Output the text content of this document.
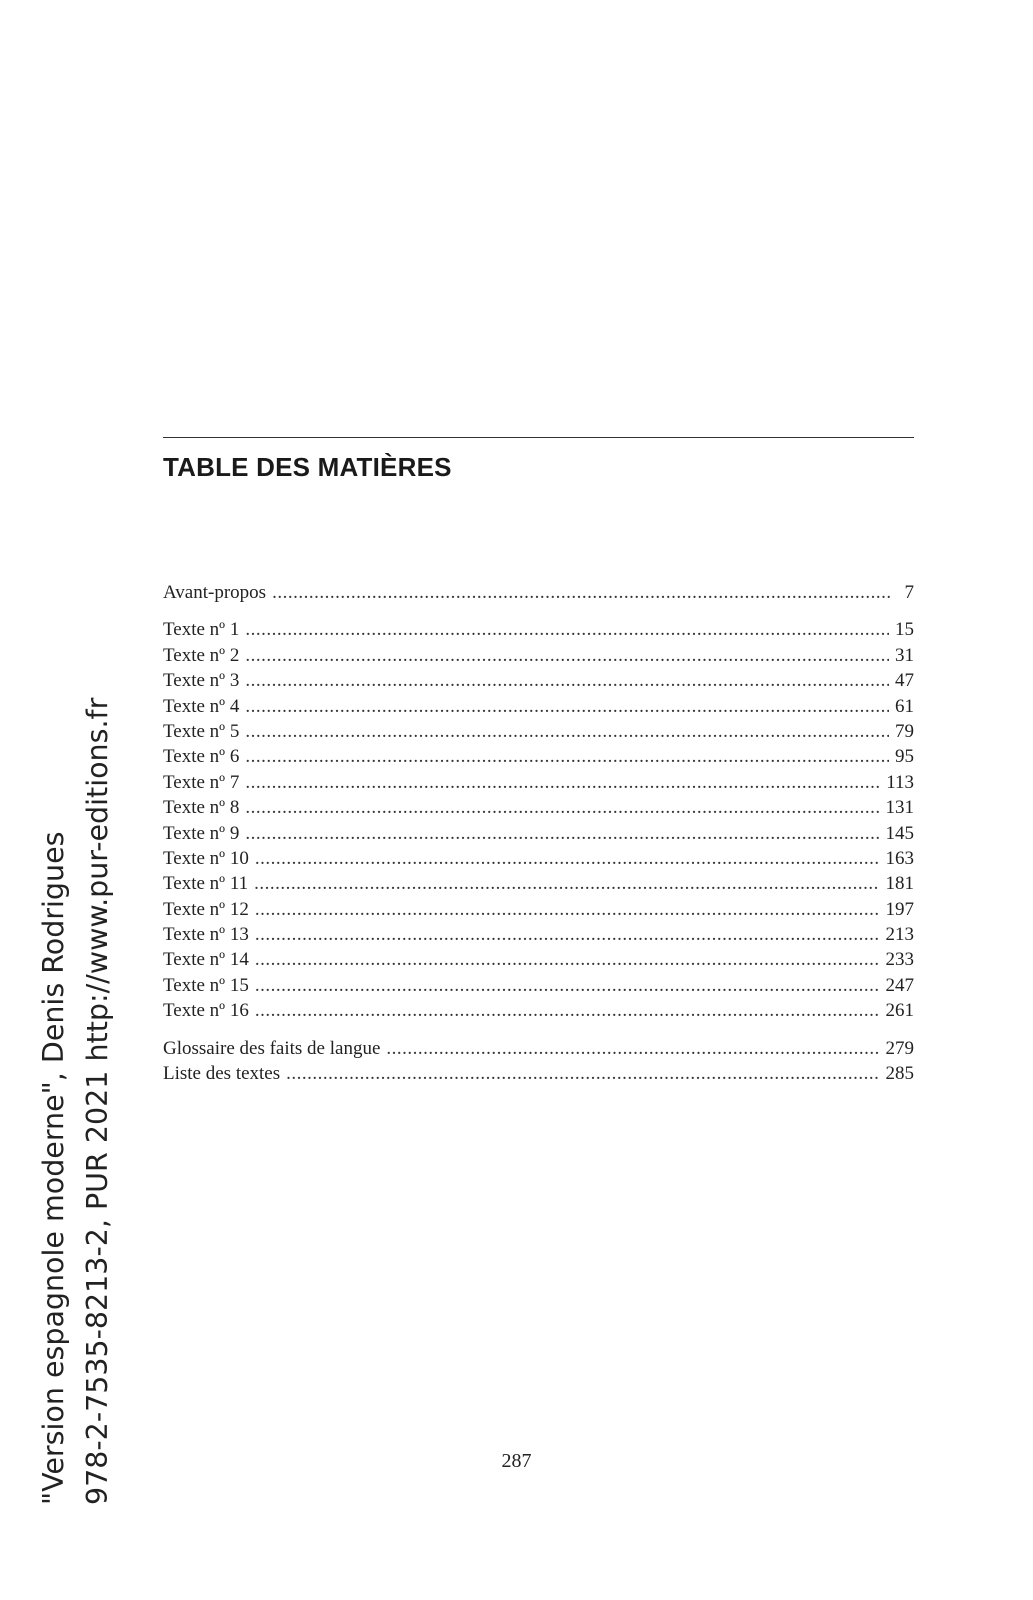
TABLE DES MATIÈRES
Avant-propos .....	7
Texte nº 1 .....	15
Texte nº 2 .....	31
Texte nº 3 .....	47
Texte nº 4 .....	61
Texte nº 5 .....	79
Texte nº 6 .....	95
Texte nº 7 .....	113
Texte nº 8 .....	131
Texte nº 9 .....	145
Texte nº 10 .....	163
Texte nº 11 .....	181
Texte nº 12 .....	197
Texte nº 13 .....	213
Texte nº 14 .....	233
Texte nº 15 .....	247
Texte nº 16 .....	261
Glossaire des faits de langue .....	279
Liste des textes .....	285
287
"Version espagnole moderne", Denis Rodrigues 978-2-7535-8213-2, PUR 2021 http://www.pur-editions.fr
